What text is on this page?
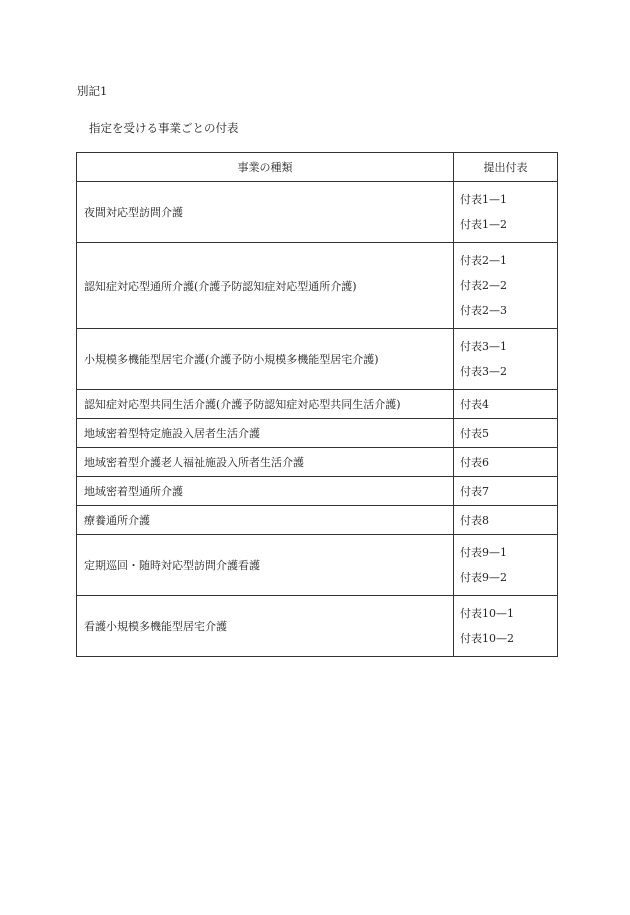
別記1
指定を受ける事業ごとの付表
事業の種類	提出付表
夜間対応型訪問介護	付表1—1
付表1—2

認知症対応型通所介護(介護予防認知症対応型通所介護)	付表2—1
付表2—2
付表2—3

小規模多機能型居宅介護(介護予防小規模多機能型居宅介護)	付表3—1
付表3—2

認知症対応型共同生活介護(介護予防認知症対応型共同生活介護)	付表4

地域密着型特定施設入居者生活介護	付表5

地域密着型介護老人福祉施設入所者生活介護	付表6

地域密着型通所介護	付表7

療養通所介護	付表8

定期巡回・随時対応型訪問介護看護	付表9—1
付表9—2

看護小規模多機能型居宅介護	付表10—1
付表10—2
